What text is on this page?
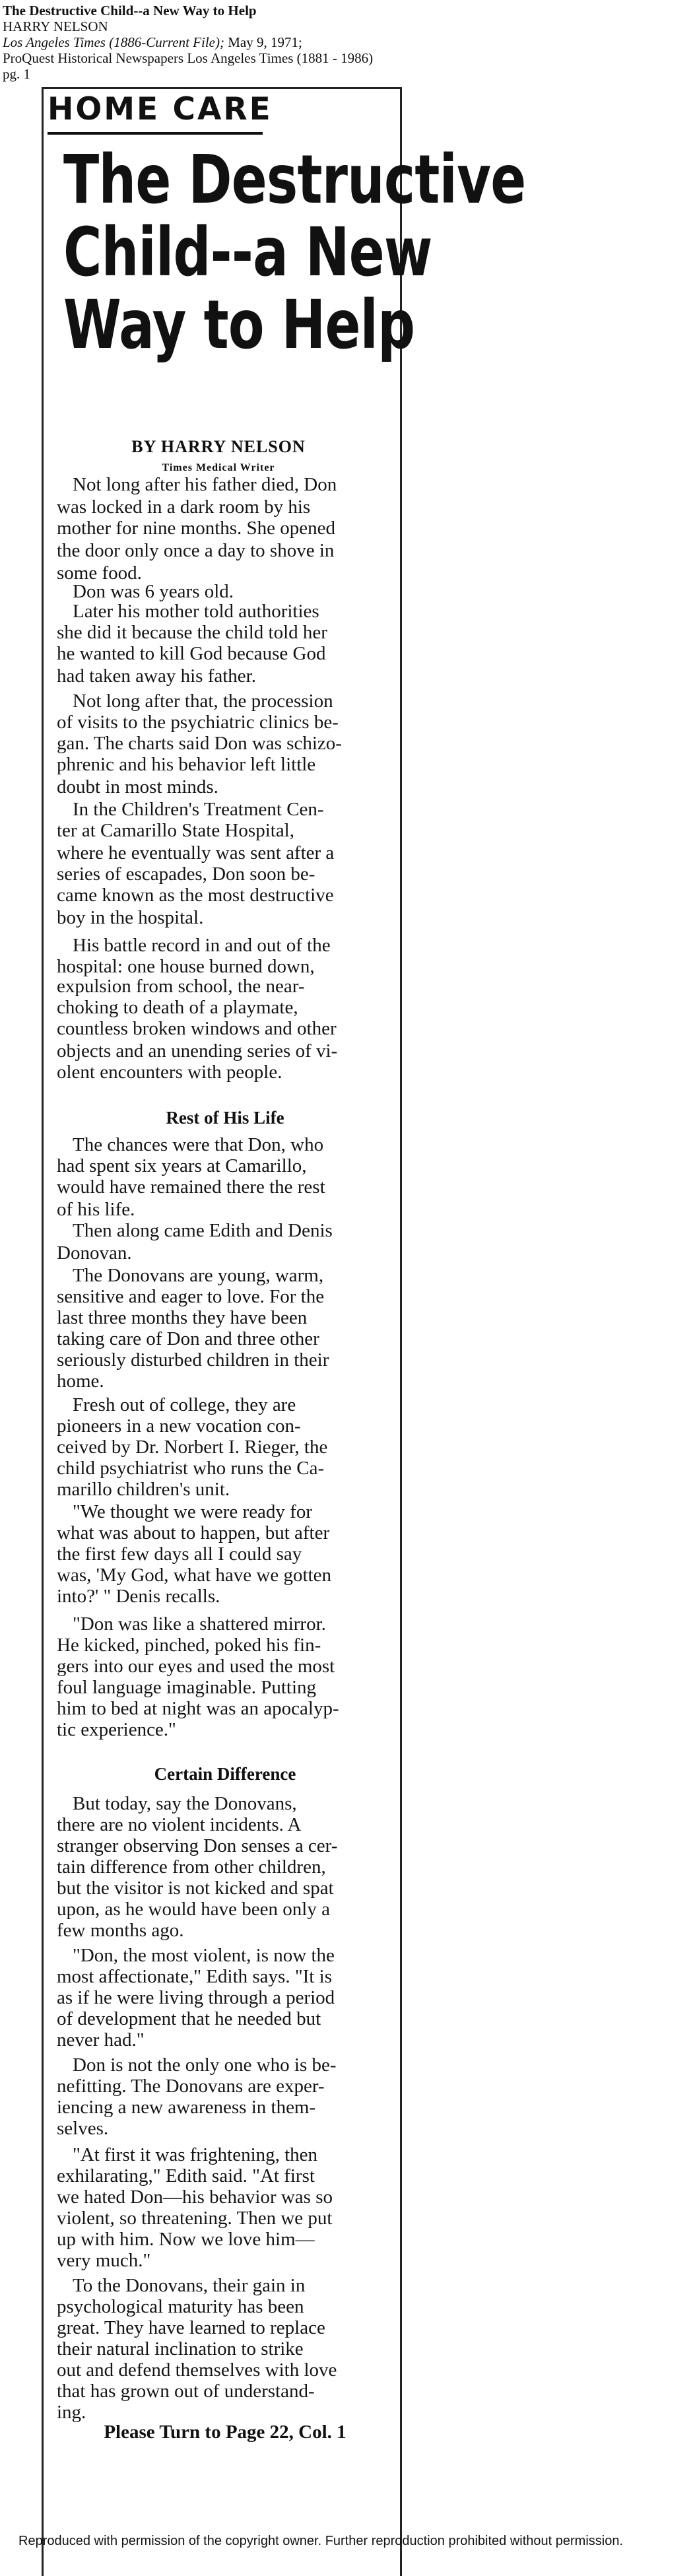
The Destructive Child--a New Way to Help
HARRY NELSON
Los Angeles Times (1886-Current File); May 9, 1971;
ProQuest Historical Newspapers Los Angeles Times (1881 - 1986)
pg. 1
HOME CARE
The Destructive
Child--a New
Way to Help
BY HARRY NELSON
Times Medical Writer
Not long after his father died, Don
was locked in a dark room by his
mother for nine months. She opened
the door only once a day to shove in
some food.
Don was 6 years old.
Later his mother told authorities
she did it because the child told her
he wanted to kill God because God
had taken away his father.
Not long after that, the procession
of visits to the psychiatric clinics be-
gan. The charts said Don was schizo-
phrenic and his behavior left little
doubt in most minds.
In the Children's Treatment Cen-
ter at Camarillo State Hospital,
where he eventually was sent after a
series of escapades, Don soon be-
came known as the most destructive
boy in the hospital.
His battle record in and out of the
hospital: one house burned down,
expulsion from school, the near-
choking to death of a playmate,
countless broken windows and other
objects and an unending series of vi-
olent encounters with people.
The chances were that Don, who
had spent six years at Camarillo,
would have remained there the rest
of his life.
Then along came Edith and Denis
Donovan.
The Donovans are young, warm,
sensitive and eager to love. For the
last three months they have been
taking care of Don and three other
seriously disturbed children in their
home.
Fresh out of college, they are
pioneers in a new vocation con-
ceived by Dr. Norbert I. Rieger, the
child psychiatrist who runs the Ca-
marillo children's unit.
"We thought we were ready for
what was about to happen, but after
the first few days all I could say
was, 'My God, what have we gotten
into?' " Denis recalls.
"Don was like a shattered mirror.
He kicked, pinched, poked his fin-
gers into our eyes and used the most
foul language imaginable. Putting
him to bed at night was an apocalyp-
tic experience."
But today, say the Donovans,
there are no violent incidents. A
stranger observing Don senses a cer-
tain difference from other children,
but the visitor is not kicked and spat
upon, as he would have been only a
few months ago.
"Don, the most violent, is now the
most affectionate," Edith says. "It is
as if he were living through a period
of development that he needed but
never had."
Don is not the only one who is be-
nefitting. The Donovans are exper-
iencing a new awareness in them-
selves.
"At first it was frightening, then
exhilarating," Edith said. "At first
we hated Don—his behavior was so
violent, so threatening. Then we put
up with him. Now we love him—
very much."
To the Donovans, their gain in
psychological maturity has been
great. They have learned to replace
their natural inclination to strike
out and defend themselves with love
that has grown out of understand-
ing.
Rest of His Life
Certain Difference
Please Turn to Page 22, Col. 1
Reproduced with permission of the copyright owner. Further reproduction prohibited without permission.
